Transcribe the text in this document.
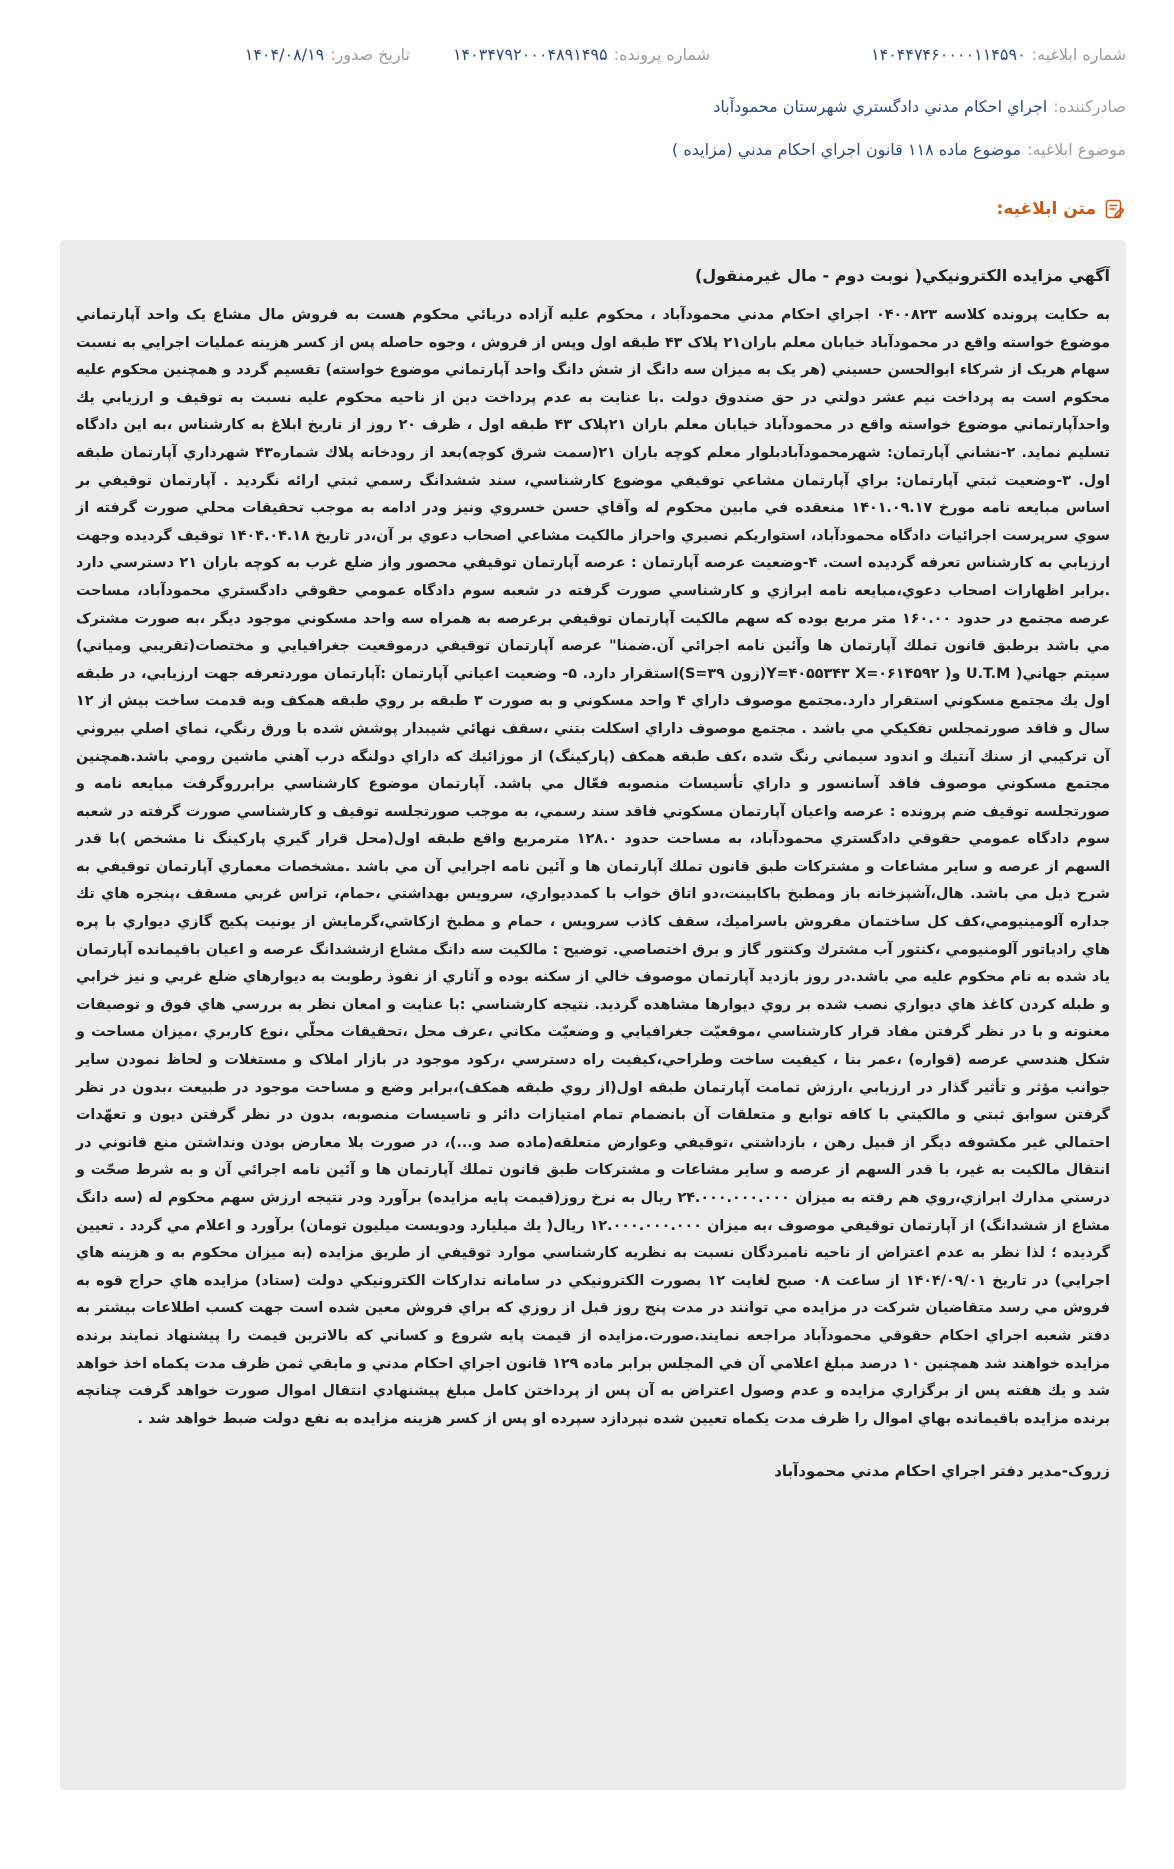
شماره ابلاغيه:
۱۴۰۴۴۷۴۶۰۰۰۰۱۱۴۵۹۰
شماره پرونده:
۱۴۰۳۴۷۹۲۰۰۰۴۸۹۱۴۹۵
تاريخ صدور:
۱۴۰۴/۰۸/۱۹
صادرکننده:
اجراي احکام مدني دادگستري شهرستان محمودآباد
موضوع ابلاغيه:
موضوع ماده ۱۱۸ قانون اجراي احکام مدني (مزايده )
متن ابلاغيه:
آگهي مزايده الكترونيكي( نوبت دوم - مال غيرمنقول)

به حکايت پرونده کلاسه ۰۴۰۰۸۲۳ اجراي احکام مدني محمودآباد ، محکوم عليه آزاده دريائي محکوم هست به فروش مال مشاع يک واحد آپارتماني موضوع خواسته واقع در محمودآباد خيابان معلم باران۲۱ پلاک ۴۳ طبقه اول وپس از فروش ، وجوه حاصله پس از کسر هزينه عمليات اجرايي به نسبت سهام هريک از شرکاء ابوالحسن حسيني (هر يک به ميزان سه دانگ از شش دانگ واحد آپارتماني موضوع خواسته) تقسيم گردد و همچنين محکوم عليه محکوم است به پرداخت نيم عشر دولتي در حق صندوق دولت .با عنايت به عدم پرداخت دين از ناحيه محکوم عليه نسبت به توقيف و ارزيابي يك واحدآپارتماني موضوع خواسته واقع در محمودآباد خيابان معلم باران ۲۱پلاک ۴۳ طبقه اول ، ظرف ۲۰ روز از تاريخ ابلاغ به کارشناس ،به اين دادگاه تسليم نمايد. ۲-نشاني آپارتمان: شهرمحمودآبادبلوار معلم کوچه باران ۲۱(سمت شرق کوچه)بعد از رودخانه پلاك شماره۴۳ شهرداري آپارتمان طبقه اول. ۳-وضعيت ثبتي آپارتمان: براي آپارتمان مشاعي توقيفي موضوع کارشناسي، سند ششدانگ رسمي ثبتي ارائه نگرديد . آپارتمان توقيفي بر اساس مبايعه نامه مورخ ۱۴۰۱.۰۹.۱۷ منعقده في مابين محکوم له وآقاي حسن خسروي ونيز ودر ادامه به موجب تحقيقات محلي صورت گرفته از سوي سرپرست اجرائيات دادگاه محمودآباد، استواريکم نصيري واحراز مالکيت مشاعي اصحاب دعوي بر آن،در تاريخ ۱۴۰۴.۰۴.۱۸ توقيف گرديده وجهت ارزيابي به كارشناس تعرفه گرديده است. ۴-وضعيت عرصه آپارتمان : عرصه آپارتمان توقيفي محصور واز ضلع غرب به کوچه باران ۲۱ دسترسي دارد .برابر اظهارات اصحاب دعوي،مبايعه نامه ابرازي و کارشناسي صورت گرفته در شعبه سوم دادگاه عمومي حقوقي دادگستري محمودآباد، مساحت عرصه مجتمع در حدود ۱۶۰.۰۰ متر مربع بوده که سهم مالکيت آپارتمان توقيفي برعرصه به همراه سه واحد مسكوني موجود ديگر ،به صورت مشترک مي باشد برطبق قانون تملك آپارتمان ها وآئين نامه اجرائي آن.ضمنا" عرصه آپارتمان توقيفي درموقعيت جغرافيايي و مختصات(تقريبي ومياني) سيتم جهاني( U.T.M و( Y=۴۰۵۵۳۴۳ X=۰۶۱۴۵۹۲(زون S=۳۹)استقرار دارد. ۵- وضعيت اعياني آپارتمان :آپارتمان موردتعرفه جهت ارزيابي، در طبقه اول يك مجتمع مسكوني استقرار دارد.مجتمع موصوف داراي ۴ واحد مسكوني و به صورت ۳ طبقه بر روي طبقه همکف وبه قدمت ساخت بيش از ۱۲ سال و فاقد صورتمجلس تفکيکي مي باشد . مجتمع موصوف داراي اسكلت بتني ،سقف نهائي شيبدار پوشش شده با ورق رنگي، نماي اصلي بيروني آن تركيبي از سنك آنتيك و اندود سيماني رنگ شده ،كف طبقه همكف (پاركينگ) از موزائيك كه داراي دولنگه درب آهني ماشين رومي باشد.همچنين مجتمع مسكوني موصوف فاقد آسانسور و داراي تأسيسات منصوبه فعّال مي باشد. آپارتمان موضوع كارشناسي برابرروگرفت مبايعه نامه و صورتجلسه توقيف ضم پرونده : عرصه واعيان آپارتمان مسكوني فاقد سند رسمي، به موجب صورتجلسه توقيف و كارشناسي صورت گرفته در شعبه سوم دادگاه عمومي حقوقي دادگستري محمودآباد، به مساحت حدود ۱۲۸.۰ مترمربع واقع طبقه اول(محل قرار گيري پاركينگ نا مشخص )با قدر السهم از عرصه و ساير مشاعات و مشتركات طبق قانون تملك آپارتمان ها و آئين نامه اجرايي آن مي باشد .مشخصات معماري آپارتمان توقيفي به شرح ذيل مي باشد. هال،آشپزخانه باز ومطبخ باكابينت،دو اتاق خواب با كمدديواري، سرويس بهداشتي ،حمام، تراس غربي مسقف ،پنجره هاي تك جداره آلومينيومي،كف كل ساختمان مفروش باسراميك، سقف كاذب سرويس ، حمام و مطبخ ازكاشي،گرمايش از يونيت پكيج گازي ديواري با پره هاي رادياتور آلومنيومي ،كنتور آب مشترك وكنتور گاز و برق اختصاصي. توضيح : مالكيت سه دانگ مشاع ازششدانگ عرصه و اعيان باقيمانده آپارتمان ياد شده به نام محكوم عليه مي باشد.در روز بازديد آپارتمان موصوف خالي از سكنه بوده و آثاري از نفوذ رطوبت به ديوارهاي ضلع غربي و نيز خرابي و طبله كردن كاغذ هاي ديواري نصب شده بر روي ديوارها مشاهده گرديد. نتيجه كارشناسي :با عنايت و امعان نظر به بررسي هاي فوق و توصيفات معنونه و با در نظر گرفتن مفاد قرار كارشناسي ،موقعيّت جغرافيايي و وضعيّت مكاني ،عرف محل ،تحقيقات محلّي ،نوع كاربري ،ميزان مساحت و شكل هندسي عرصه (قواره) ،عمر بنا ، كيفيت ساخت وطراحي،كيفيت راه دسترسي ،ركود موجود در بازار املاک و مستغلات و لحاظ نمودن ساير جوانب مؤثر و تأثير گذار در ارزيابي ،ارزش تمامت آپارتمان طبقه اول(از روي طبقه همكف)،برابر وضع و مساحت موجود در طبيعت ،بدون در نظر گرفتن سوابق ثبتي و مالكيتي با كافه توابع و متعلقات آن بانضمام تمام امتيازات دائر و تاسيسات منصوبه، بدون در نظر گرفتن ديون و تعهّدات احتمالي غير مكشوفه ديگر از قبيل رهن ، بازداشتي ،توقيفي وعوارض متعلقه(ماده صد و...)، در صورت بلا معارض بودن ونداشتن منع قانوني در انتقال مالكيت به غير، با قدر السهم از عرصه و ساير مشاعات و مشتركات طبق قانون تملك آپارتمان ها و آئين نامه اجرائي آن و به شرط صحّت و درستي مدارك ابرازي،روي هم رفته به ميزان ۲۴.۰۰۰.۰۰۰.۰۰۰ ريال به نرخ روز(قيمت پايه مزايده) برآورد ودر نتيجه ارزش سهم محکوم له (سه دانگ مشاع از ششدانگ) از آپارتمان توقيفي موصوف ،به ميزان ۱۲.۰۰۰.۰۰۰.۰۰۰ ريال( يك ميلیارد ودويست ميليون تومان) برآورد و اعلام مي گردد . تعيين گرديده ؛ لذا نظر به عدم اعتراض از ناحيه نامبردگان نسبت به نظريه كارشناسي موارد توقيفي از طريق مزايده (به ميزان محکوم به و هزينه هاي اجرايي) در تاريخ ۱۴۰۴/۰۹/۰۱ از ساعت ۰۸ صبح لغايت ۱۲ بصورت الکترونيکي در سامانه تدارکات الکترونيکي دولت (ستاد) مزايده هاي حراج قوه به فروش مي رسد متقاضيان شرکت در مزايده مي توانند در مدت پنج روز قبل از روزي که براي فروش معين شده است جهت کسب اطلاعات بيشتر به دفتر شعبه اجراي احکام حقوقي محمودآباد مراجعه نمايند.صورت.مزايده از قيمت پايه شروع و کساني که بالاترين قيمت را پيشنهاد نمايند برنده مزايده خواهند شد همچنين ۱۰ درصد مبلغ اعلامي آن في المجلس برابر ماده ۱۲۹ قانون اجراي احکام مدني و مابقي ثمن ظرف مدت يكماه اخذ خواهد شد و يك هفته پس از برگزاري مزايده و عدم وصول اعتراض به آن پس از پرداختن کامل مبلغ پيشنهادي انتقال اموال صورت خواهد گرفت چنانچه برنده مزايده باقيمانده بهاي اموال را ظرف مدت يكماه تعيين شده نپردازد سپرده او پس از کسر هزينه مزايده به نفع دولت ضبط خواهد شد .

زروک-مدير دفتر اجراي احکام مدني محمودآباد
